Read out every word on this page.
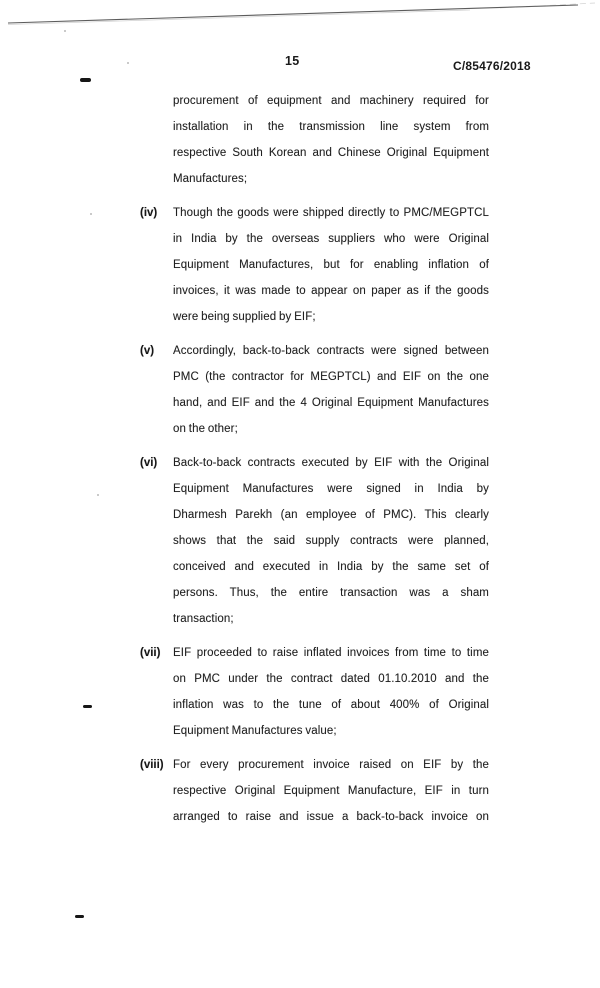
15	C/85476/2018
procurement of equipment and machinery required for
installation in the transmission line system from
respective South Korean and Chinese Original Equipment
Manufactures;
(iv)	Though the goods were shipped directly to PMC/MEGPTCL
in India by the overseas suppliers who were Original
Equipment Manufactures, but for enabling inflation of
invoices, it was made to appear on paper as if the goods
were being supplied by EIF;
(v)	Accordingly, back-to-back contracts were signed between
PMC (the contractor for MEGPTCL) and EIF on the one
hand, and EIF and the 4 Original Equipment Manufactures
on the other;
(vi)	Back-to-back contracts executed by EIF with the Original
Equipment Manufactures were signed in India by
Dharmesh Parekh (an employee of PMC). This clearly
shows that the said supply contracts were planned,
conceived and executed in India by the same set of
persons. Thus, the entire transaction was a sham
transaction;
(vii)	EIF proceeded to raise inflated invoices from time to time
on PMC under the contract dated 01.10.2010 and the
inflation was to the tune of about 400% of Original
Equipment Manufactures value;
(viii) For every procurement invoice raised on EIF by the
respective Original Equipment Manufacture, EIF in turn
arranged to raise and issue a back-to-back invoice on
